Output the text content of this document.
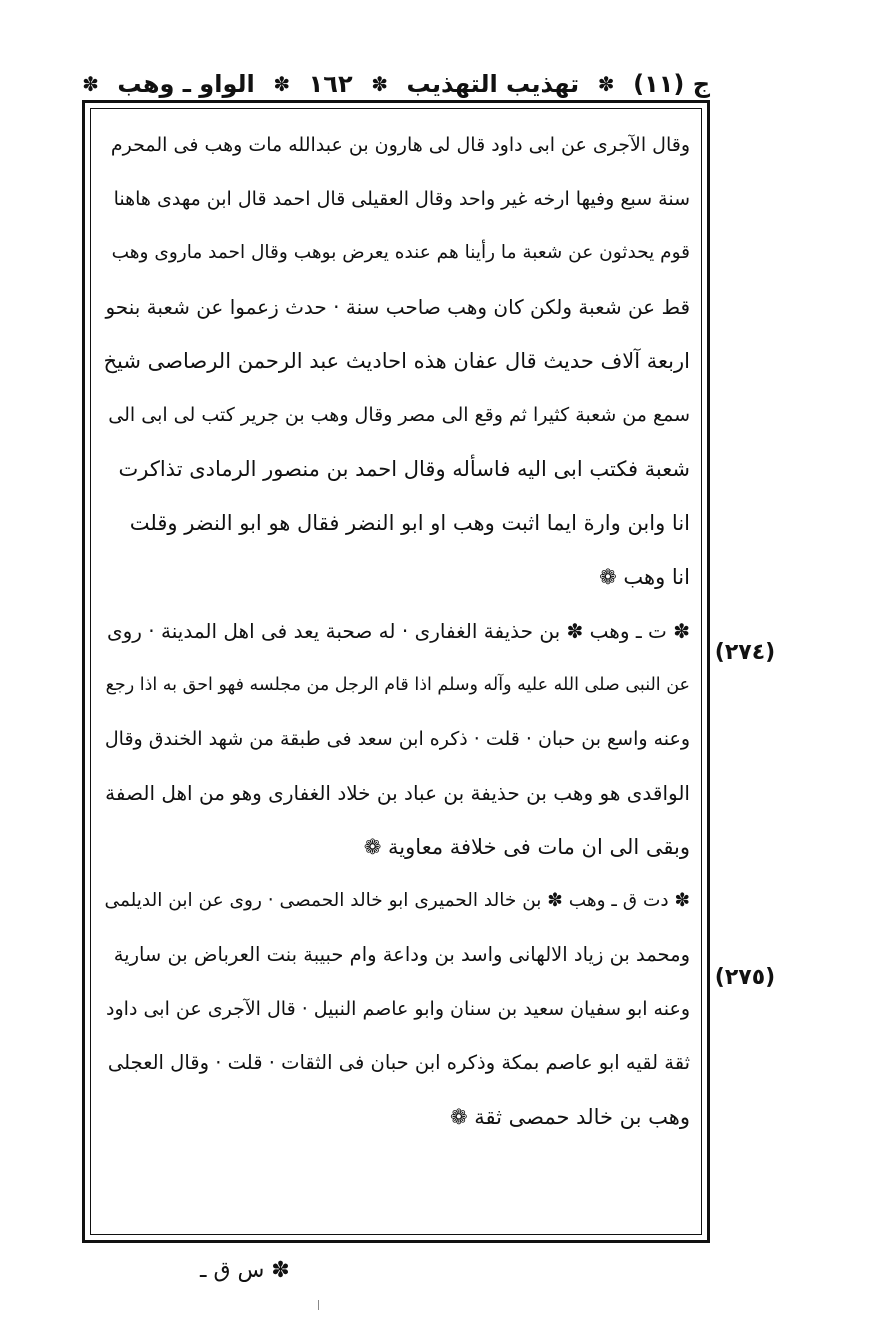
ج (١١)
✽
تهذيب التهذيب
✽
١٦٢
✽
الواو ـ وهب
✽
وقال الآجرى عن ابى داود قال لى هارون بن عبدالله مات وهب فى المحرم
سنة سبع وفيها ارخه غير واحد وقال العقيلى قال احمد قال ابن مهدى هاهنا
قوم يحدثون عن شعبة ما رأينا هم عنده يعرض بوهب وقال احمد ماروى وهب
قط عن شعبة ولكن كان وهب صاحب سنة · حدث زعموا عن شعبة بنحو
اربعة آلاف حديث قال عفان هذه احاديث عبد الرحمن الرصاصى شيخ
سمع من شعبة كثيرا ثم وقع الى مصر وقال وهب بن جرير كتب لى ابى الى
شعبة فكتب ابى اليه فاسأله وقال احمد بن منصور الرمادى تذاكرت
انا وابن وارة ايما اثبت وهب او ابو النضر فقال هو ابو النضر وقلت
انا وهب ❁
✽ ت ـ وهب ✽ بن حذيفة الغفارى · له صحبة يعد فى اهل المدينة · روى
عن النبى صلى الله عليه وآله وسلم اذا قام الرجل من مجلسه فهو احق به اذا رجع
وعنه واسع بن حبان · قلت · ذكره ابن سعد فى طبقة من شهد الخندق وقال
الواقدى هو وهب بن حذيفة بن عباد بن خلاد الغفارى وهو من اهل الصفة
وبقى الى ان مات فى خلافة معاوية ❁
✽ دت ق ـ وهب ✽ بن خالد الحميرى ابو خالد الحمصى · روى عن ابن الديلمى
ومحمد بن زياد الالهانى واسد بن وداعة وام حبيبة بنت العرباض بن سارية
وعنه ابو سفيان سعيد بن سنان وابو عاصم النبيل · قال الآجرى عن ابى داود
ثقة لقيه ابو عاصم بمكة وذكره ابن حبان فى الثقات · قلت · وقال العجلى
وهب بن خالد حمصى ثقة ❁
(٢٧٤)
(٢٧٥)
✽ س ق ـ
